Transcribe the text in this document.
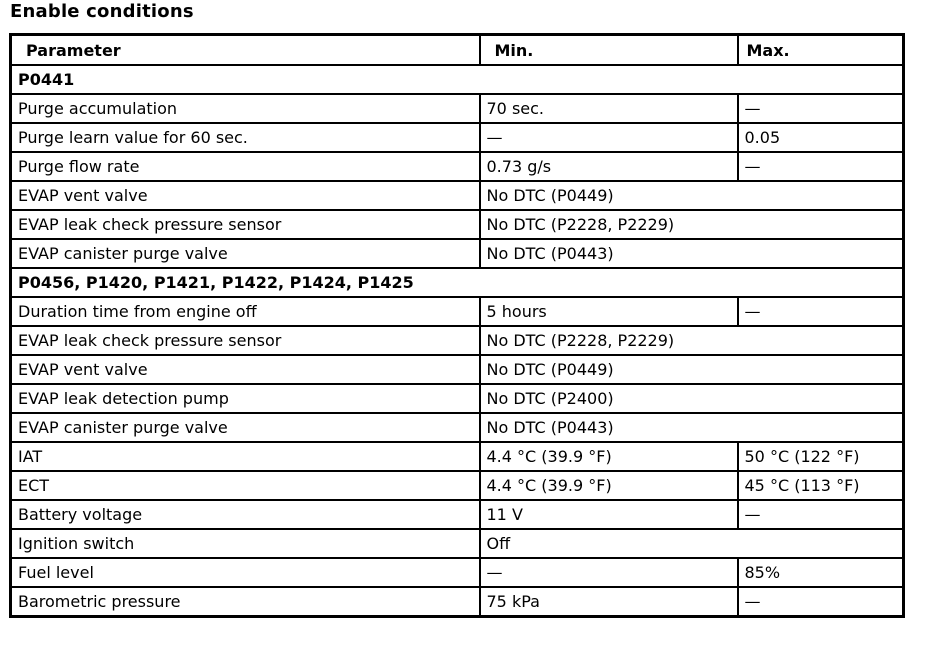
Enable conditions
Parameter	Min.	Max.
P0441		
Purge accumulation	70 sec.	—
Purge learn value for 60 sec.	—	0.05
Purge flow rate	0.73 g/s	—
EVAP vent valve	No DTC (P0449)	
EVAP leak check pressure sensor	No DTC (P2228, P2229)	
EVAP canister purge valve	No DTC (P0443)	
P0456, P1420, P1421, P1422, P1424, P1425		
Duration time from engine off	5 hours	—
EVAP leak check pressure sensor	No DTC (P2228, P2229)	
EVAP vent valve	No DTC (P0449)	
EVAP leak detection pump	No DTC (P2400)	
EVAP canister purge valve	No DTC (P0443)	
IAT	4.4 °C (39.9 °F)	50 °C (122 °F)
ECT	4.4 °C (39.9 °F)	45 °C (113 °F)
Battery voltage	11 V	—
Ignition switch	Off	
Fuel level	—	85%
Barometric pressure	75 kPa	—
